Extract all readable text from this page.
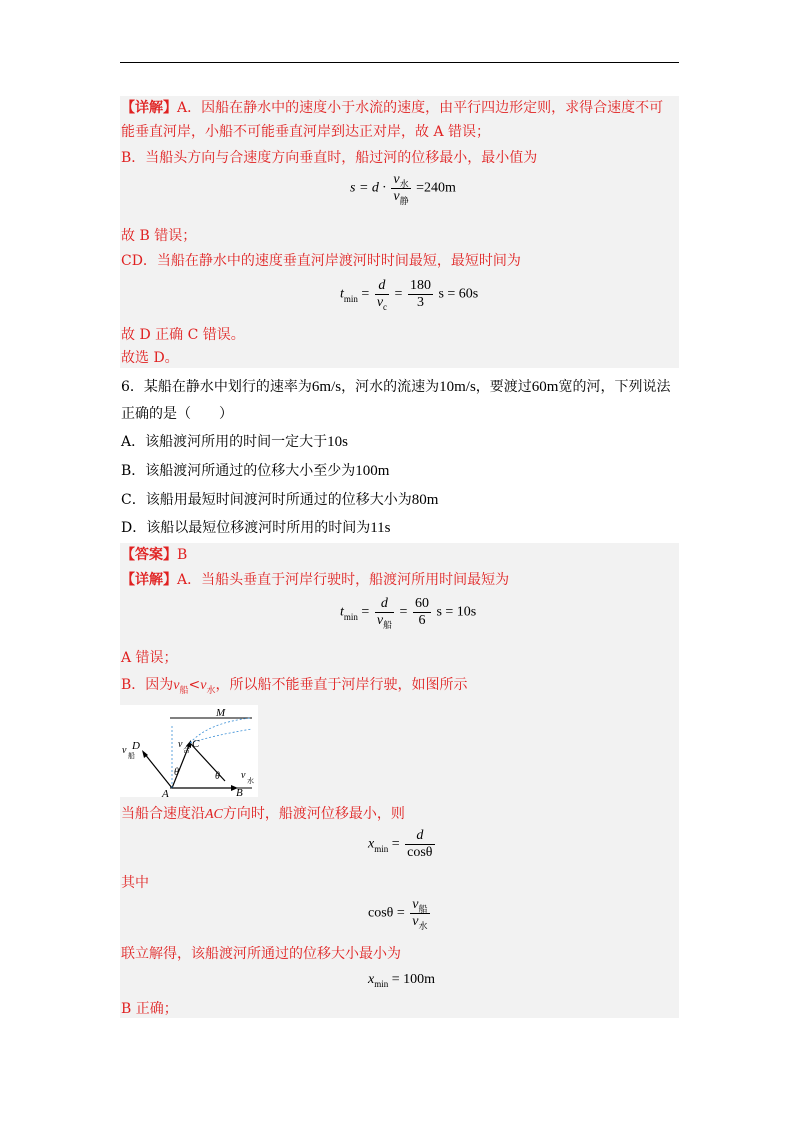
【详解】A．因船在静水中的速度小于水流的速度，由平行四边形定则，求得合速度不可
能垂直河岸，小船不可能垂直河岸到达正对岸，故 A 错误；
B．当船头方向与合速度方向垂直时，船过河的位移最小，最小值为
$s = d \cdot \frac{v_水}{v_静} =240m$
故 B 错误；
CD．当船在静水中的速度垂直河岸渡河时时间最短，最短时间为
$t_{min} = \frac{d}{v_c} = \frac{180}{3}$ s = 60s
故 D 正确 C 错误。
故选 D。
6．某船在静水中划行的速率为6m/s，河水的流速为10m/s，要渡过60m宽的河，下列说法
正确的是（　　）
A．该船渡河所用的时间一定大于10s
B．该船渡河所通过的位移大小至少为100m
C．该船用最短时间渡河时所通过的位移大小为80m
D．该船以最短位移渡河时所用的时间为11s
【答案】B
【详解】A．当船头垂直于河岸行驶时，船渡河所用时间最短为
$t_{min} = \frac{d}{v_船} = \frac{60}{6}$ s = 10s
A 错误；
B．因为$v_船<v_水$，所以船不能垂直于河岸行驶，如图所示
M
D	C
A	B
θ	θ
v 船
v 合
v 水
当船合速度沿AC方向时，船渡河位移最小，则
$x_{min} = \frac{d}{\cos\theta}$
其中
$\cos\theta = \frac{v_船}{v_水}$
联立解得，该船渡河所通过的位移大小最小为
$x_{min} = 100m$
B 正确；
